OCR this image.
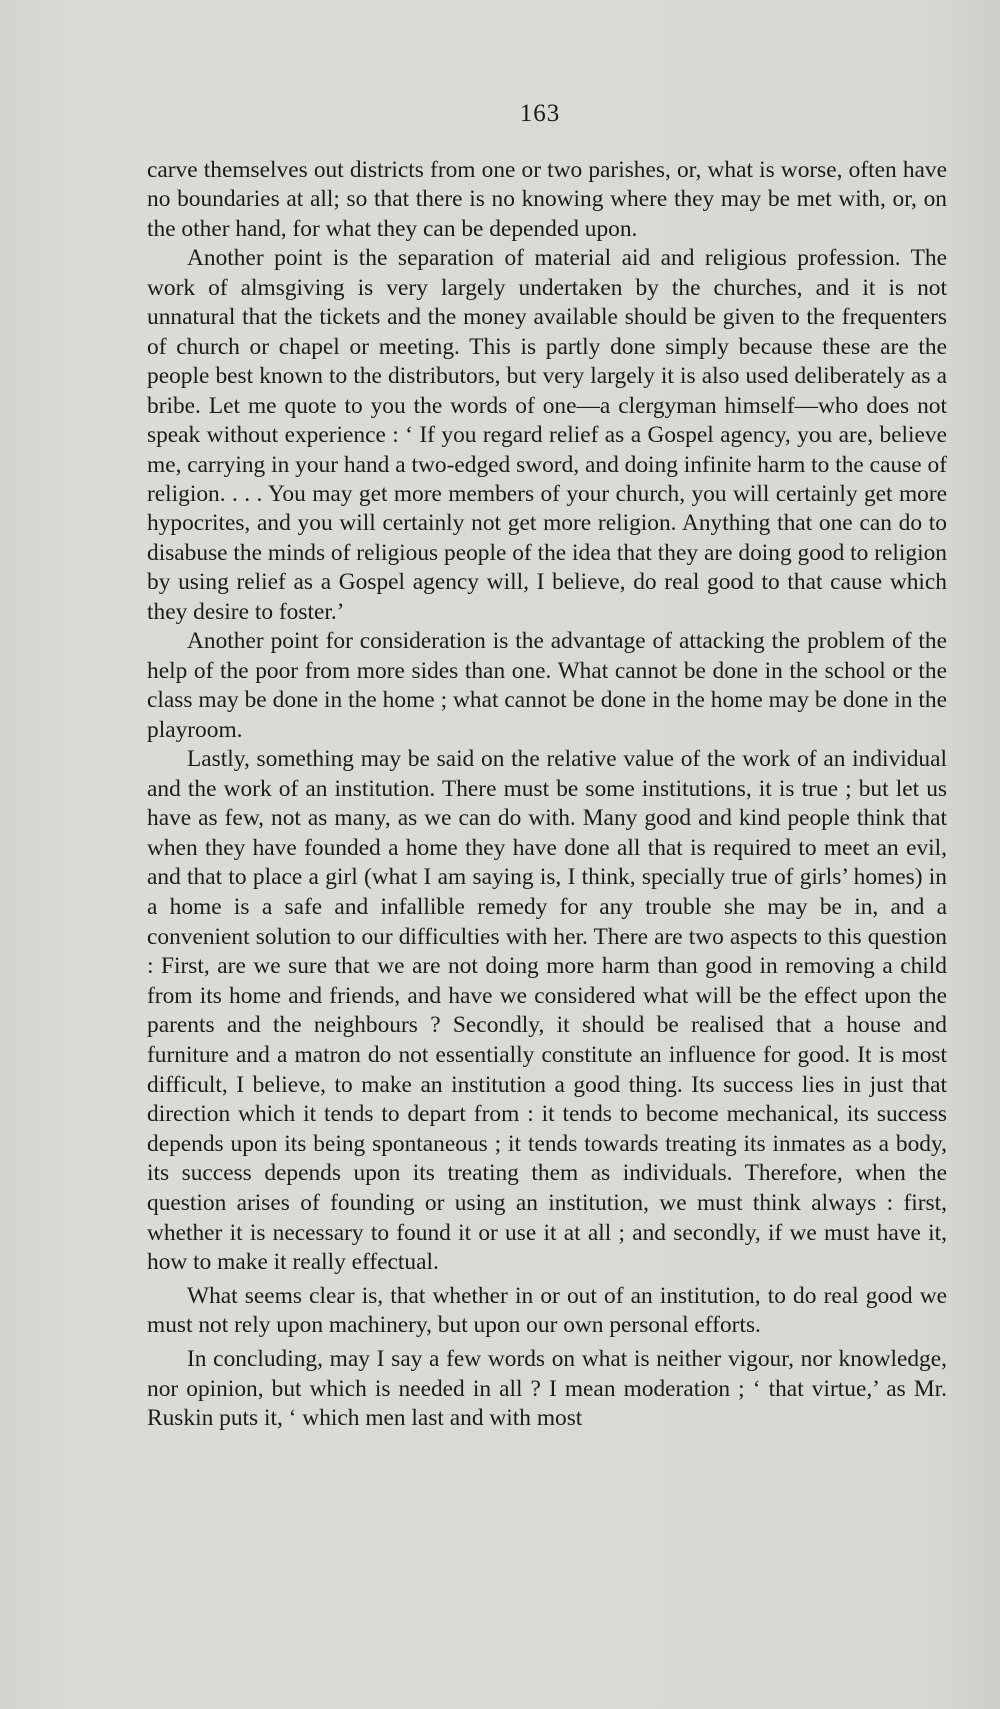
163

carve themselves out districts from one or two parishes, or, what is worse, often have no boundaries at all; so that there is no knowing where they may be met with, or, on the other hand, for what they can be depended upon.

Another point is the separation of material aid and religious profession. The work of almsgiving is very largely undertaken by the churches, and it is not unnatural that the tickets and the money available should be given to the frequenters of church or chapel or meeting. This is partly done simply because these are the people best known to the distributors, but very largely it is also used deliberately as a bribe. Let me quote to you the words of one—a clergyman himself—who does not speak without experience : ‘ If you regard relief as a Gospel agency, you are, believe me, carrying in your hand a two-edged sword, and doing infinite harm to the cause of religion. . . . You may get more members of your church, you will certainly get more hypocrites, and you will certainly not get more religion. Anything that one can do to disabuse the minds of religious people of the idea that they are doing good to religion by using relief as a Gospel agency will, I believe, do real good to that cause which they desire to foster.’

Another point for consideration is the advantage of attacking the problem of the help of the poor from more sides than one. What cannot be done in the school or the class may be done in the home ; what cannot be done in the home may be done in the playroom.

Lastly, something may be said on the relative value of the work of an individual and the work of an institution. There must be some institutions, it is true ; but let us have as few, not as many, as we can do with. Many good and kind people think that when they have founded a home they have done all that is required to meet an evil, and that to place a girl (what I am saying is, I think, specially true of girls’ homes) in a home is a safe and infallible remedy for any trouble she may be in, and a convenient solution to our difficulties with her. There are two aspects to this question : First, are we sure that we are not doing more harm than good in removing a child from its home and friends, and have we considered what will be the effect upon the parents and the neighbours ? Secondly, it should be realised that a house and furniture and a matron do not essentially constitute an influence for good. It is most difficult, I believe, to make an institution a good thing. Its success lies in just that direction which it tends to depart from : it tends to become mechanical, its success depends upon its being spontaneous ; it tends towards treating its inmates as a body, its success depends upon its treating them as individuals. Therefore, when the question arises of founding or using an institution, we must think always : first, whether it is necessary to found it or use it at all ; and secondly, if we must have it, how to make it really effectual.

What seems clear is, that whether in or out of an institution, to do real good we must not rely upon machinery, but upon our own personal efforts.

In concluding, may I say a few words on what is neither vigour, nor knowledge, nor opinion, but which is needed in all ? I mean moderation ; ‘ that virtue,’ as Mr. Ruskin puts it, ‘ which men last and with most
